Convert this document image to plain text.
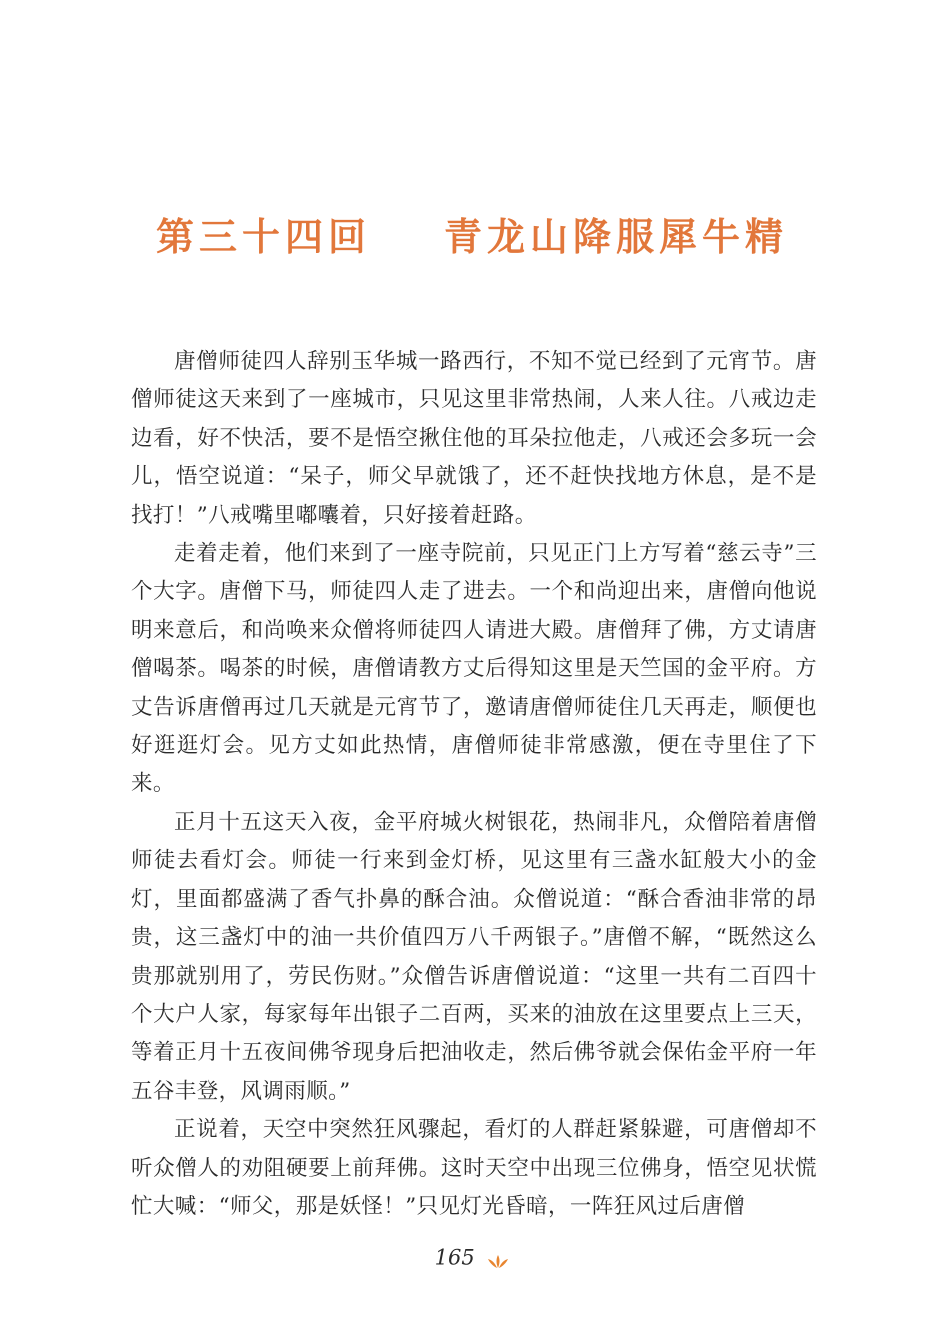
第三十四回    青龙山降服犀牛精

唐僧师徒四人辞别玉华城一路西行，不知不觉已经到了元宵节。唐僧师徒这天来到了一座城市，只见这里非常热闹，人来人往。八戒边走边看，好不快活，要不是悟空揪住他的耳朵拉他走，八戒还会多玩一会儿，悟空说道：“呆子，师父早就饿了，还不赶快找地方休息，是不是找打！”八戒嘴里嘟囔着，只好接着赶路。

走着走着，他们来到了一座寺院前，只见正门上方写着“慈云寺”三个大字。唐僧下马，师徒四人走了进去。一个和尚迎出来，唐僧向他说明来意后，和尚唤来众僧将师徒四人请进大殿。唐僧拜了佛，方丈请唐僧喝茶。喝茶的时候，唐僧请教方丈后得知这里是天竺国的金平府。方丈告诉唐僧再过几天就是元宵节了，邀请唐僧师徒住几天再走，顺便也好逛逛灯会。见方丈如此热情，唐僧师徒非常感激，便在寺里住了下来。

正月十五这天入夜，金平府城火树银花，热闹非凡，众僧陪着唐僧师徒去看灯会。师徒一行来到金灯桥，见这里有三盏水缸般大小的金灯，里面都盛满了香气扑鼻的酥合油。众僧说道：“酥合香油非常的昂贵，这三盏灯中的油一共价值四万八千两银子。”唐僧不解，“既然这么贵那就别用了，劳民伤财。”众僧告诉唐僧说道：“这里一共有二百四十个大户人家，每家每年出银子二百两，买来的油放在这里要点上三天，等着正月十五夜间佛爷现身后把油收走，然后佛爷就会保佑金平府一年五谷丰登，风调雨顺。”

正说着，天空中突然狂风骤起，看灯的人群赶紧躲避，可唐僧却不听众僧人的劝阻硬要上前拜佛。这时天空中出现三位佛身，悟空见状慌忙大喊：“师父，那是妖怪！”只见灯光昏暗，一阵狂风过后唐僧

165
